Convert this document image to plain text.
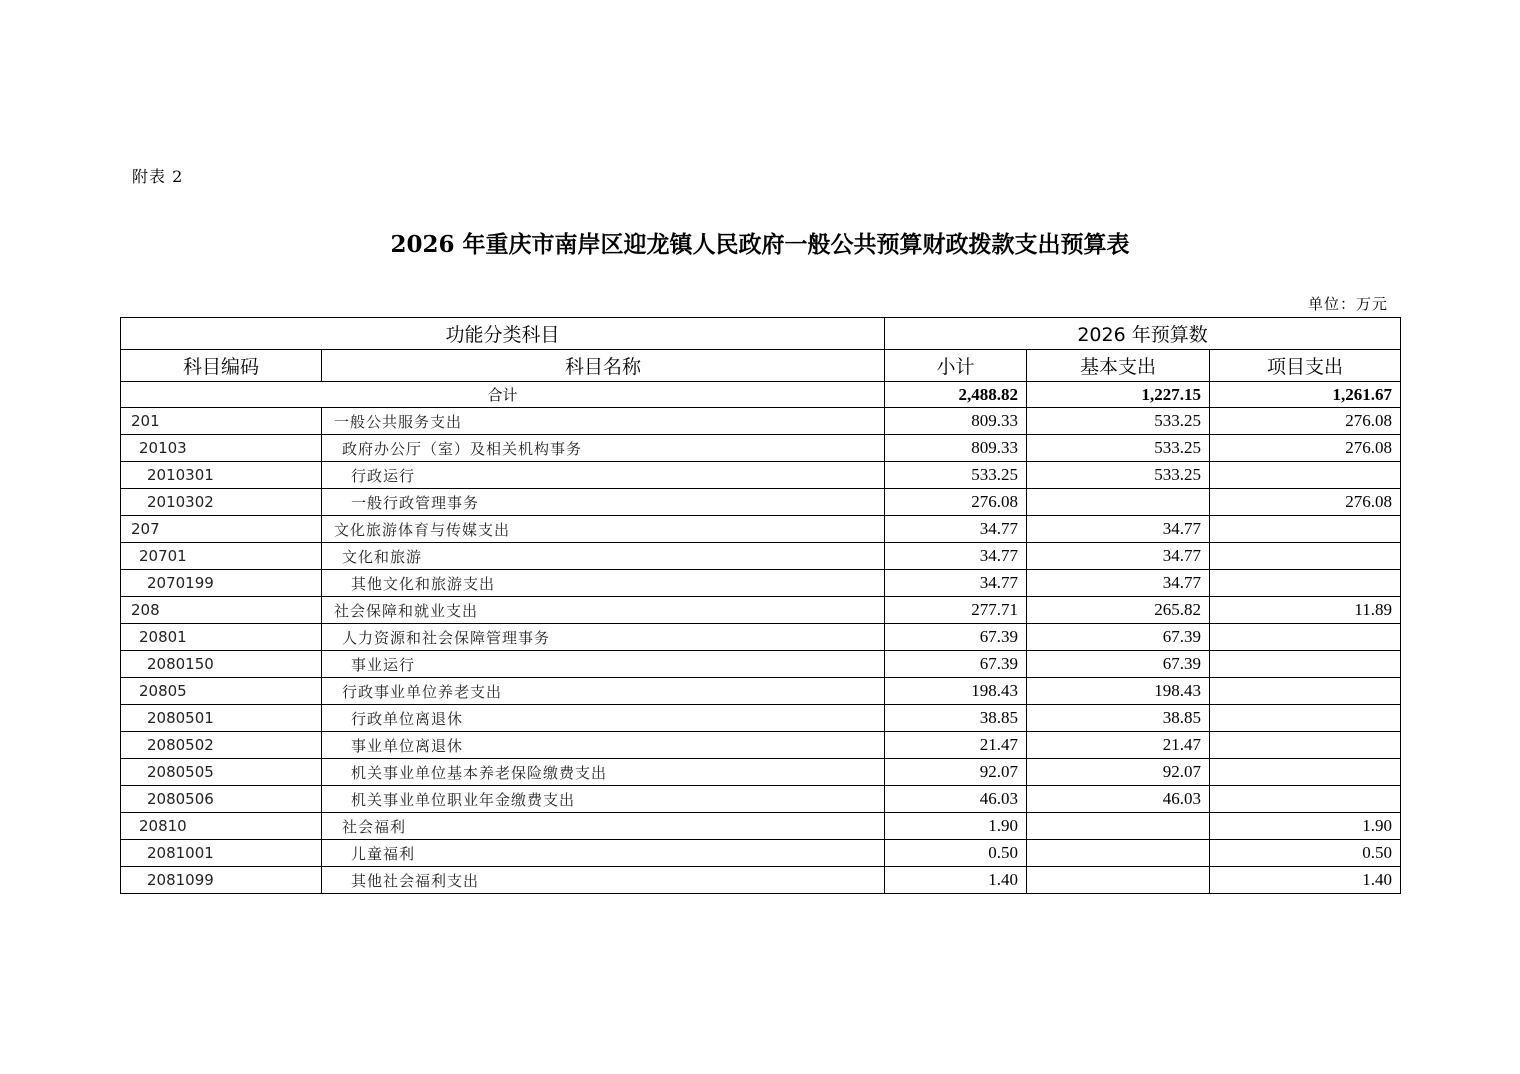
附表 2
2026 年重庆市南岸区迎龙镇人民政府一般公共预算财政拨款支出预算表
单位：万元
功能分类科目		2026 年预算数		
科目编码	科目名称	小计	基本支出	项目支出
合计		2,488.82	1,227.15	1,261.67
201	一般公共服务支出	809.33	533.25	276.08
20103	政府办公厅（室）及相关机构事务	809.33	533.25	276.08
2010301	行政运行	533.25	533.25	
2010302	一般行政管理事务	276.08		276.08
207	文化旅游体育与传媒支出	34.77	34.77	
20701	文化和旅游	34.77	34.77	
2070199	其他文化和旅游支出	34.77	34.77	
208	社会保障和就业支出	277.71	265.82	11.89
20801	人力资源和社会保障管理事务	67.39	67.39	
2080150	事业运行	67.39	67.39	
20805	行政事业单位养老支出	198.43	198.43	
2080501	行政单位离退休	38.85	38.85	
2080502	事业单位离退休	21.47	21.47	
2080505	机关事业单位基本养老保险缴费支出	92.07	92.07	
2080506	机关事业单位职业年金缴费支出	46.03	46.03	
20810	社会福利	1.90		1.90
2081001	儿童福利	0.50		0.50
2081099	其他社会福利支出	1.40		1.40
